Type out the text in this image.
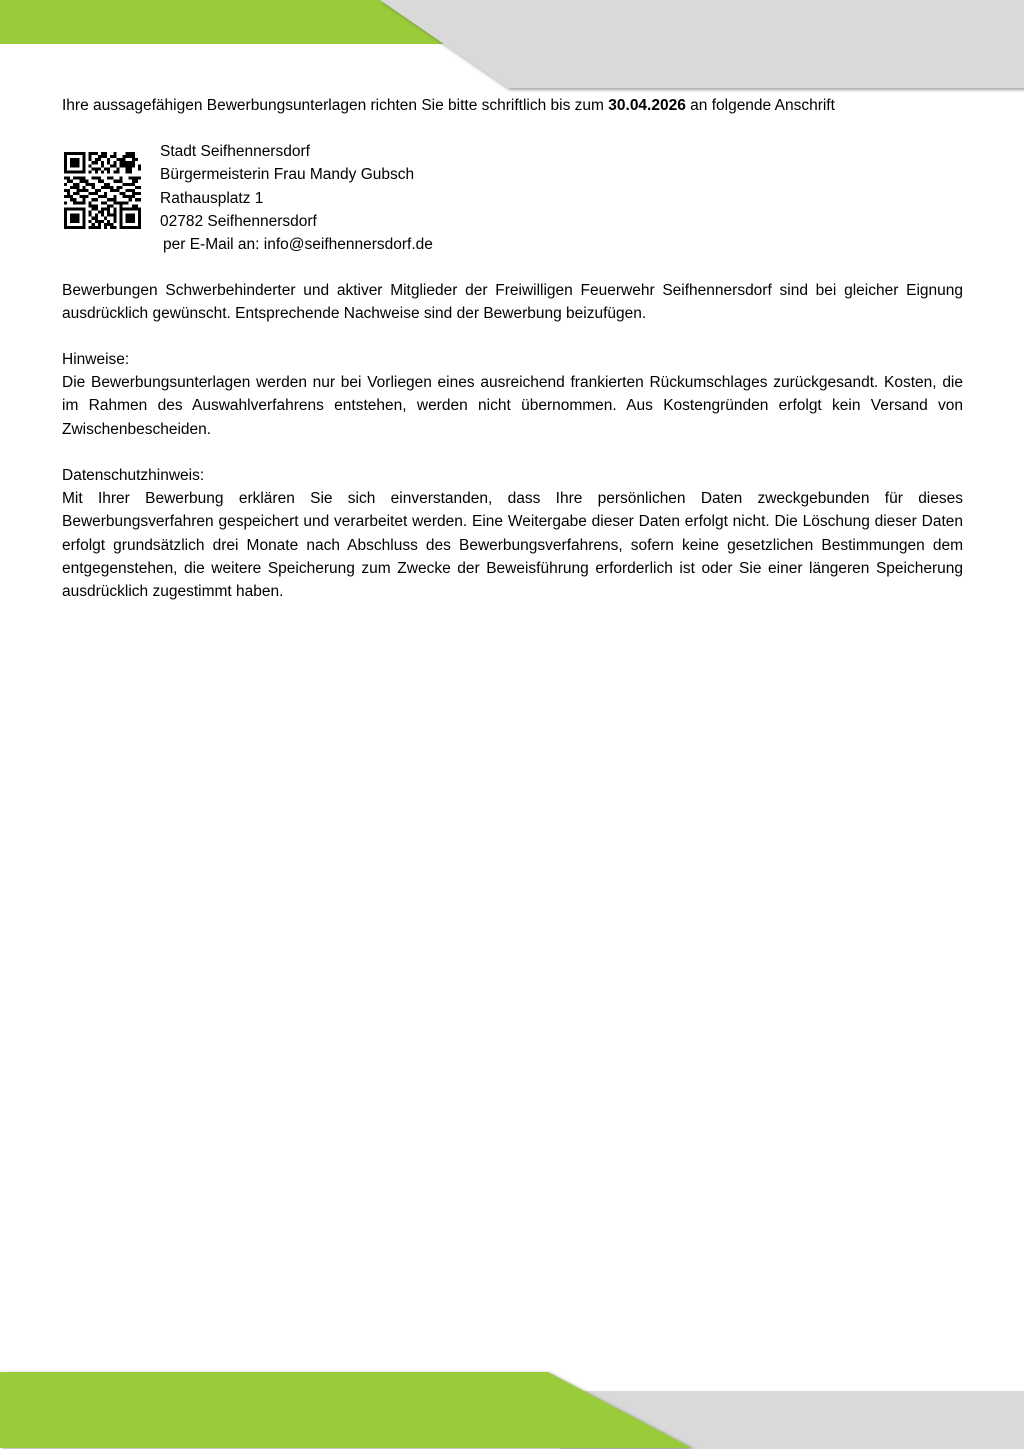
Ihre aussagefähigen Bewerbungsunterlagen richten Sie bitte schriftlich bis zum 30.04.2026 an folgende Anschrift
Stadt Seifhennersdorf
Bürgermeisterin Frau Mandy Gubsch
Rathausplatz 1
02782 Seifhennersdorf
per E-Mail an: info@seifhennersdorf.de

Bewerbungen Schwerbehinderter und aktiver Mitglieder der Freiwilligen Feuerwehr Seifhennersdorf sind bei gleicher Eignung ausdrücklich gewünscht. Entsprechende Nachweise sind der Bewerbung beizufügen.

Hinweise:

Die Bewerbungsunterlagen werden nur bei Vorliegen eines ausreichend frankierten Rückumschlages zurückgesandt. Kosten, die im Rahmen des Auswahlverfahrens entstehen, werden nicht übernommen. Aus Kostengründen erfolgt kein Versand von Zwischenbescheiden.

Datenschutzhinweis:

Mit Ihrer Bewerbung erklären Sie sich einverstanden, dass Ihre persönlichen Daten zweckgebunden für dieses Bewerbungsverfahren gespeichert und verarbeitet werden. Eine Weitergabe dieser Daten erfolgt nicht. Die Löschung dieser Daten erfolgt grundsätzlich drei Monate nach Abschluss des Bewerbungsverfahrens, sofern keine gesetzlichen Bestimmungen dem entgegenstehen, die weitere Speicherung zum Zwecke der Beweisführung erforderlich ist oder Sie einer längeren Speicherung ausdrücklich zugestimmt haben.
